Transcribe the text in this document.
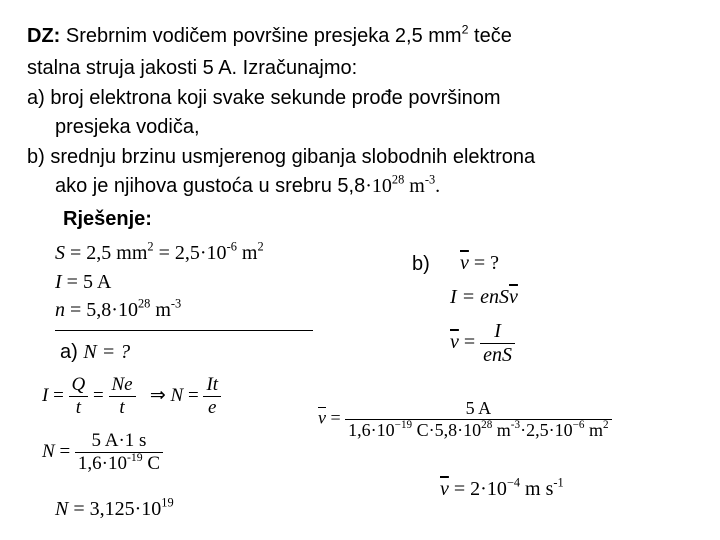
DZ: Srebrnim vodičem površine presjeka 2,5 $mm^2$ teče
stalna struja jakosti 5 A. Izračunajmo:
a) broj elektrona koji svake sekunde prođe površinom
presjeka vodiča,
b) srednju brzinu usmjerenog gibanja slobodnih elektrona
ako je njihova gustoća u srebru $5,8\cdot 10^{28}$ $m^{-3}$.
Rješenje:
S = 2,5 $mm^2 = 2,5\cdot 10^{-6}$ $m^2$
I = 5 A
$n = 5,8\cdot 10^{28}$ $m^{-3}$
a) N = ?
$I = \frac{Q}{t} = \frac{Ne}{t}$ ⇒ $N = \frac{It}{e}$
$N = \frac{5 A\cdot 1 s}{1,6\cdot 10^{-19} C}$
$N = 3,125\cdot 10^{19}$
b) $\overline{v}$ = ?
$I = enS\overline{v}$
$\overline{v} = \frac{I}{\text{enS}}$
$\overline{v} = \frac{5 A}{1,6\cdot 10^{-19} C\cdot 5,8\cdot 10^{28} m^{-3}\cdot 2,5\cdot 10^{-6} m^2}$
$\overline{v} = 2\cdot 10^{-4}$ m $s^{-1}$
